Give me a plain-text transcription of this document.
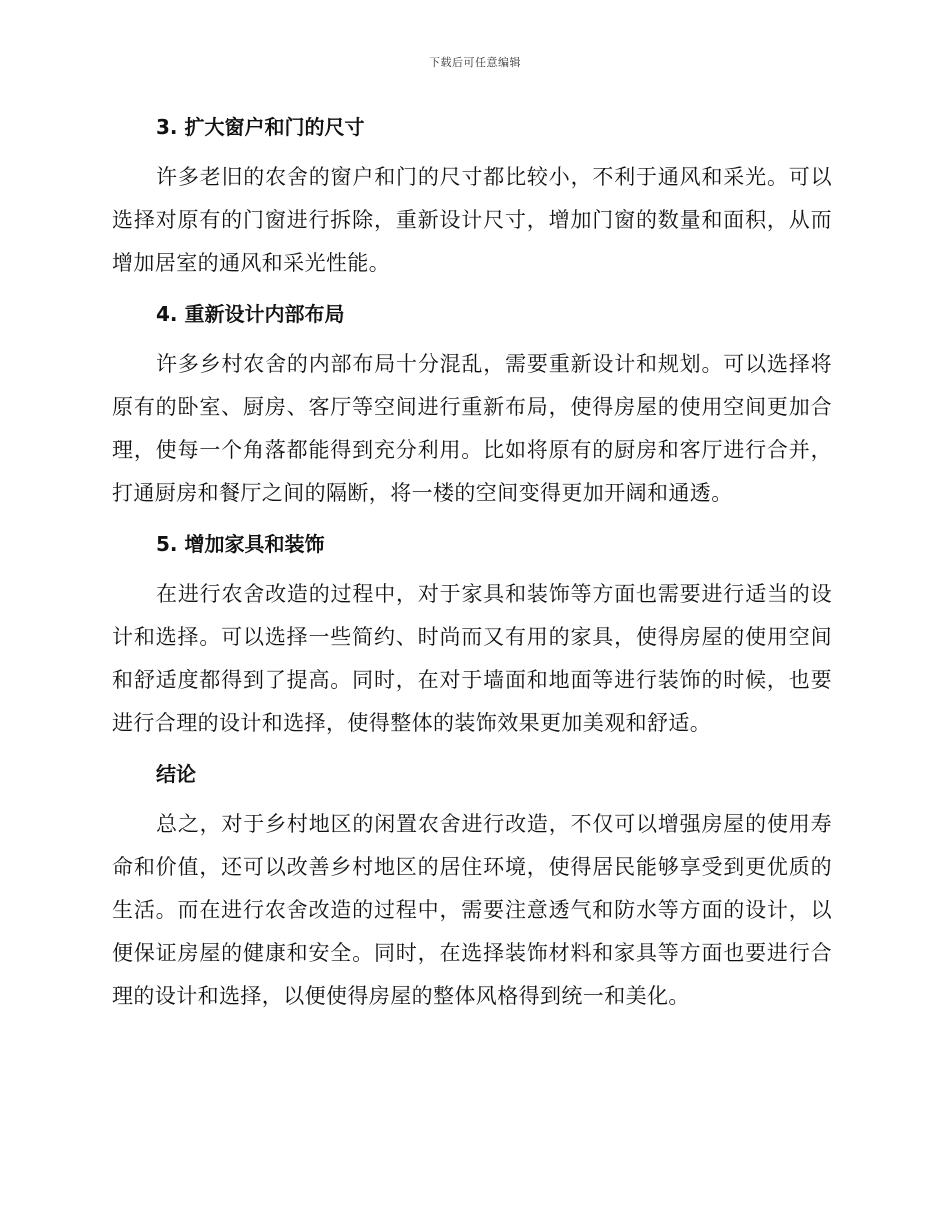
下载后可任意编辑
3. 扩大窗户和门的尺寸

许多老旧的农舍的窗户和门的尺寸都比较小，不利于通风和采光。可以选择对原有的门窗进行拆除，重新设计尺寸，增加门窗的数量和面积，从而增加居室的通风和采光性能。

4. 重新设计内部布局

许多乡村农舍的内部布局十分混乱，需要重新设计和规划。可以选择将原有的卧室、厨房、客厅等空间进行重新布局，使得房屋的使用空间更加合理，使每一个角落都能得到充分利用。比如将原有的厨房和客厅进行合并，打通厨房和餐厅之间的隔断，将一楼的空间变得更加开阔和通透。

5. 增加家具和装饰

在进行农舍改造的过程中，对于家具和装饰等方面也需要进行适当的设计和选择。可以选择一些简约、时尚而又有用的家具，使得房屋的使用空间和舒适度都得到了提高。同时，在对于墙面和地面等进行装饰的时候，也要进行合理的设计和选择，使得整体的装饰效果更加美观和舒适。

结论

总之，对于乡村地区的闲置农舍进行改造，不仅可以增强房屋的使用寿命和价值，还可以改善乡村地区的居住环境，使得居民能够享受到更优质的生活。而在进行农舍改造的过程中，需要注意透气和防水等方面的设计，以便保证房屋的健康和安全。同时，在选择装饰材料和家具等方面也要进行合理的设计和选择，以便使得房屋的整体风格得到统一和美化。
